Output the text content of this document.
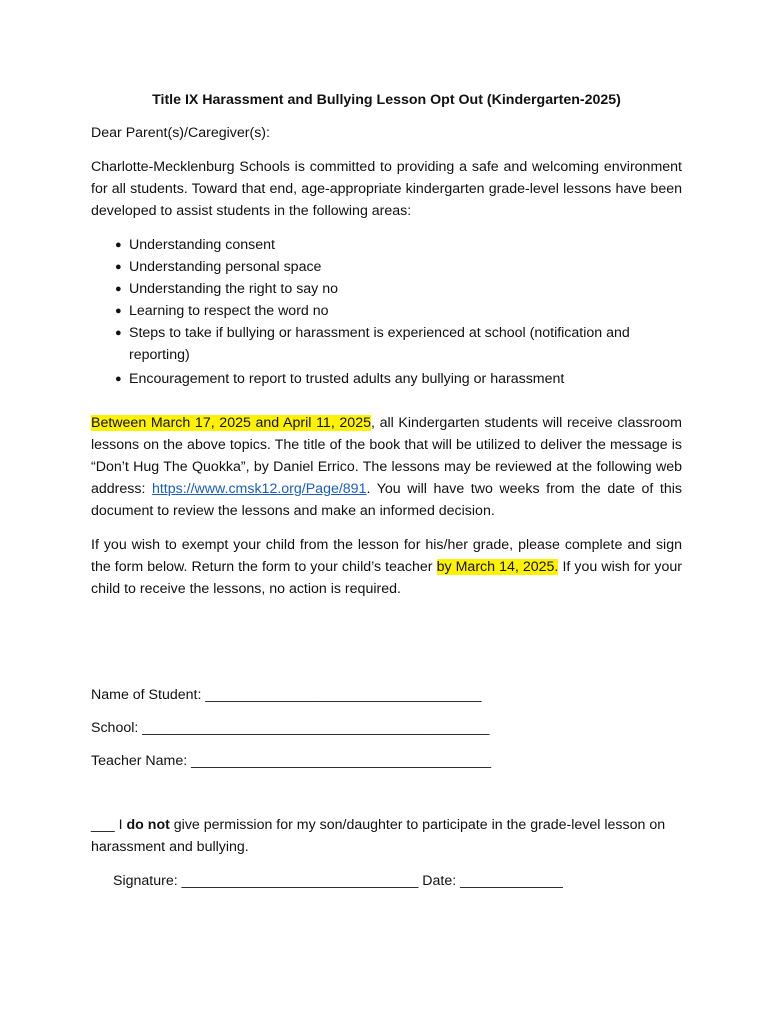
Title IX Harassment and Bullying Lesson Opt Out (Kindergarten-2025)

Dear Parent(s)/Caregiver(s):

Charlotte-Mecklenburg Schools is committed to providing a safe and welcoming environment for all students. Toward that end, age-appropriate kindergarten grade-level lessons have been developed to assist students in the following areas:

● Understanding consent
● Understanding personal space
● Understanding the right to say no
● Learning to respect the word no
● Steps to take if bullying or harassment is experienced at school (notification and reporting)
● Encouragement to report to trusted adults any bullying or harassment

Between March 17, 2025 and April 11, 2025, all Kindergarten students will receive classroom lessons on the above topics. The title of the book that will be utilized to deliver the message is “Don’t Hug The Quokka”, by Daniel Errico. The lessons may be reviewed at the following web address: https://www.cmsk12.org/Page/891. You will have two weeks from the date of this document to review the lessons and make an informed decision.

If you wish to exempt your child from the lesson for his/her grade, please complete and sign the form below. Return the form to your child’s teacher by March 14, 2025. If you wish for your child to receive the lessons, no action is required.

Name of Student: ___________________________________
School: ____________________________________________
Teacher Name: ______________________________________

___ I do not give permission for my son/daughter to participate in the grade-level lesson on harassment and bullying.

Signature: ______________________________ Date: _____________
